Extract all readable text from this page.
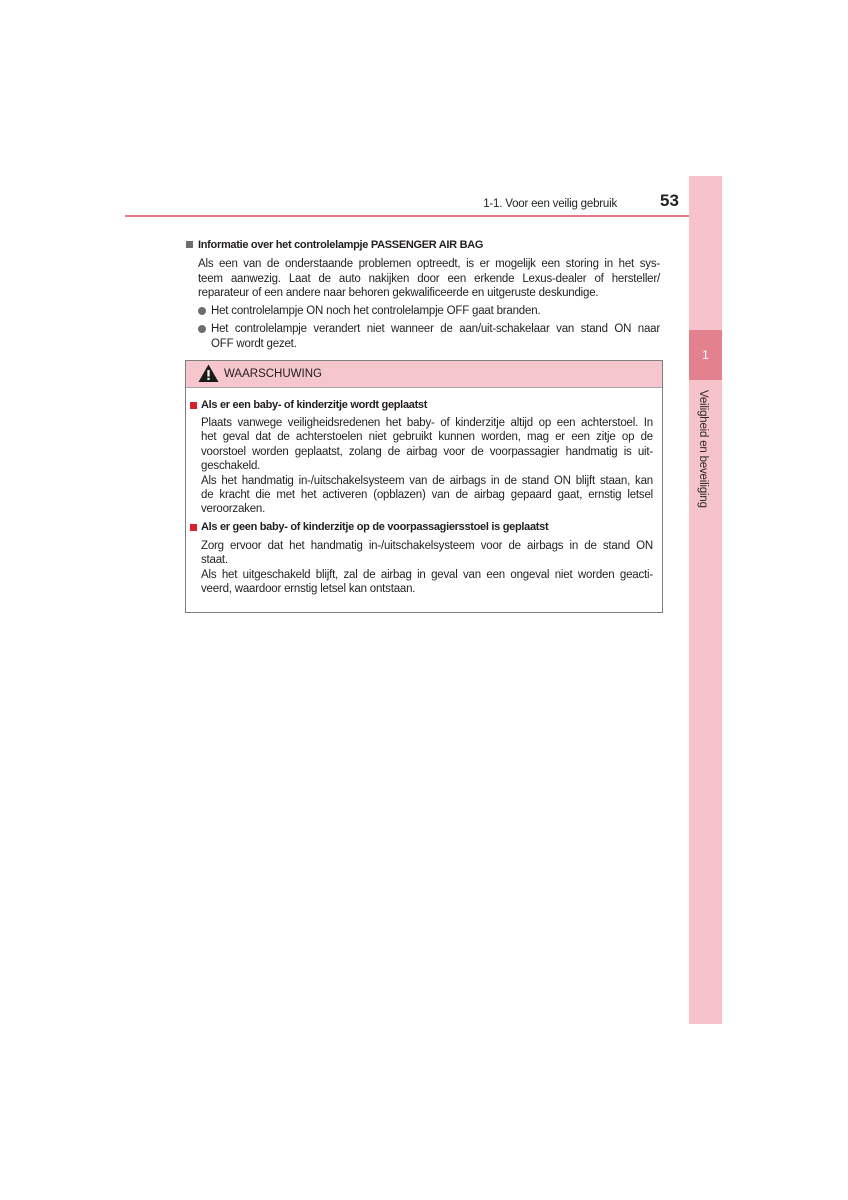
1-1. Voor een veilig gebruik	53
1
Veiligheid en beveiliging
Informatie over het controlelampje PASSENGER AIR BAG
Als een van de onderstaande problemen optreedt, is er mogelijk een storing in het sys-
teem aanwezig. Laat de auto nakijken door een erkende Lexus-dealer of hersteller/
reparateur of een andere naar behoren gekwalificeerde en uitgeruste deskundige.
Het controlelampje ON noch het controlelampje OFF gaat branden.
Het controlelampje verandert niet wanneer de aan/uit-schakelaar van stand ON naar
OFF wordt gezet.
WAARSCHUWING
Als er een baby- of kinderzitje wordt geplaatst
Plaats vanwege veiligheidsredenen het baby- of kinderzitje altijd op een achterstoel. In
het geval dat de achterstoelen niet gebruikt kunnen worden, mag er een zitje op de
voorstoel worden geplaatst, zolang de airbag voor de voorpassagier handmatig is uit-
geschakeld.
Als het handmatig in-/uitschakelsysteem van de airbags in de stand ON blijft staan, kan
de kracht die met het activeren (opblazen) van de airbag gepaard gaat, ernstig letsel
veroorzaken.
Als er geen baby- of kinderzitje op de voorpassagiersstoel is geplaatst
Zorg ervoor dat het handmatig in-/uitschakelsysteem voor de airbags in de stand ON
staat.
Als het uitgeschakeld blijft, zal de airbag in geval van een ongeval niet worden geacti-
veerd, waardoor ernstig letsel kan ontstaan.
